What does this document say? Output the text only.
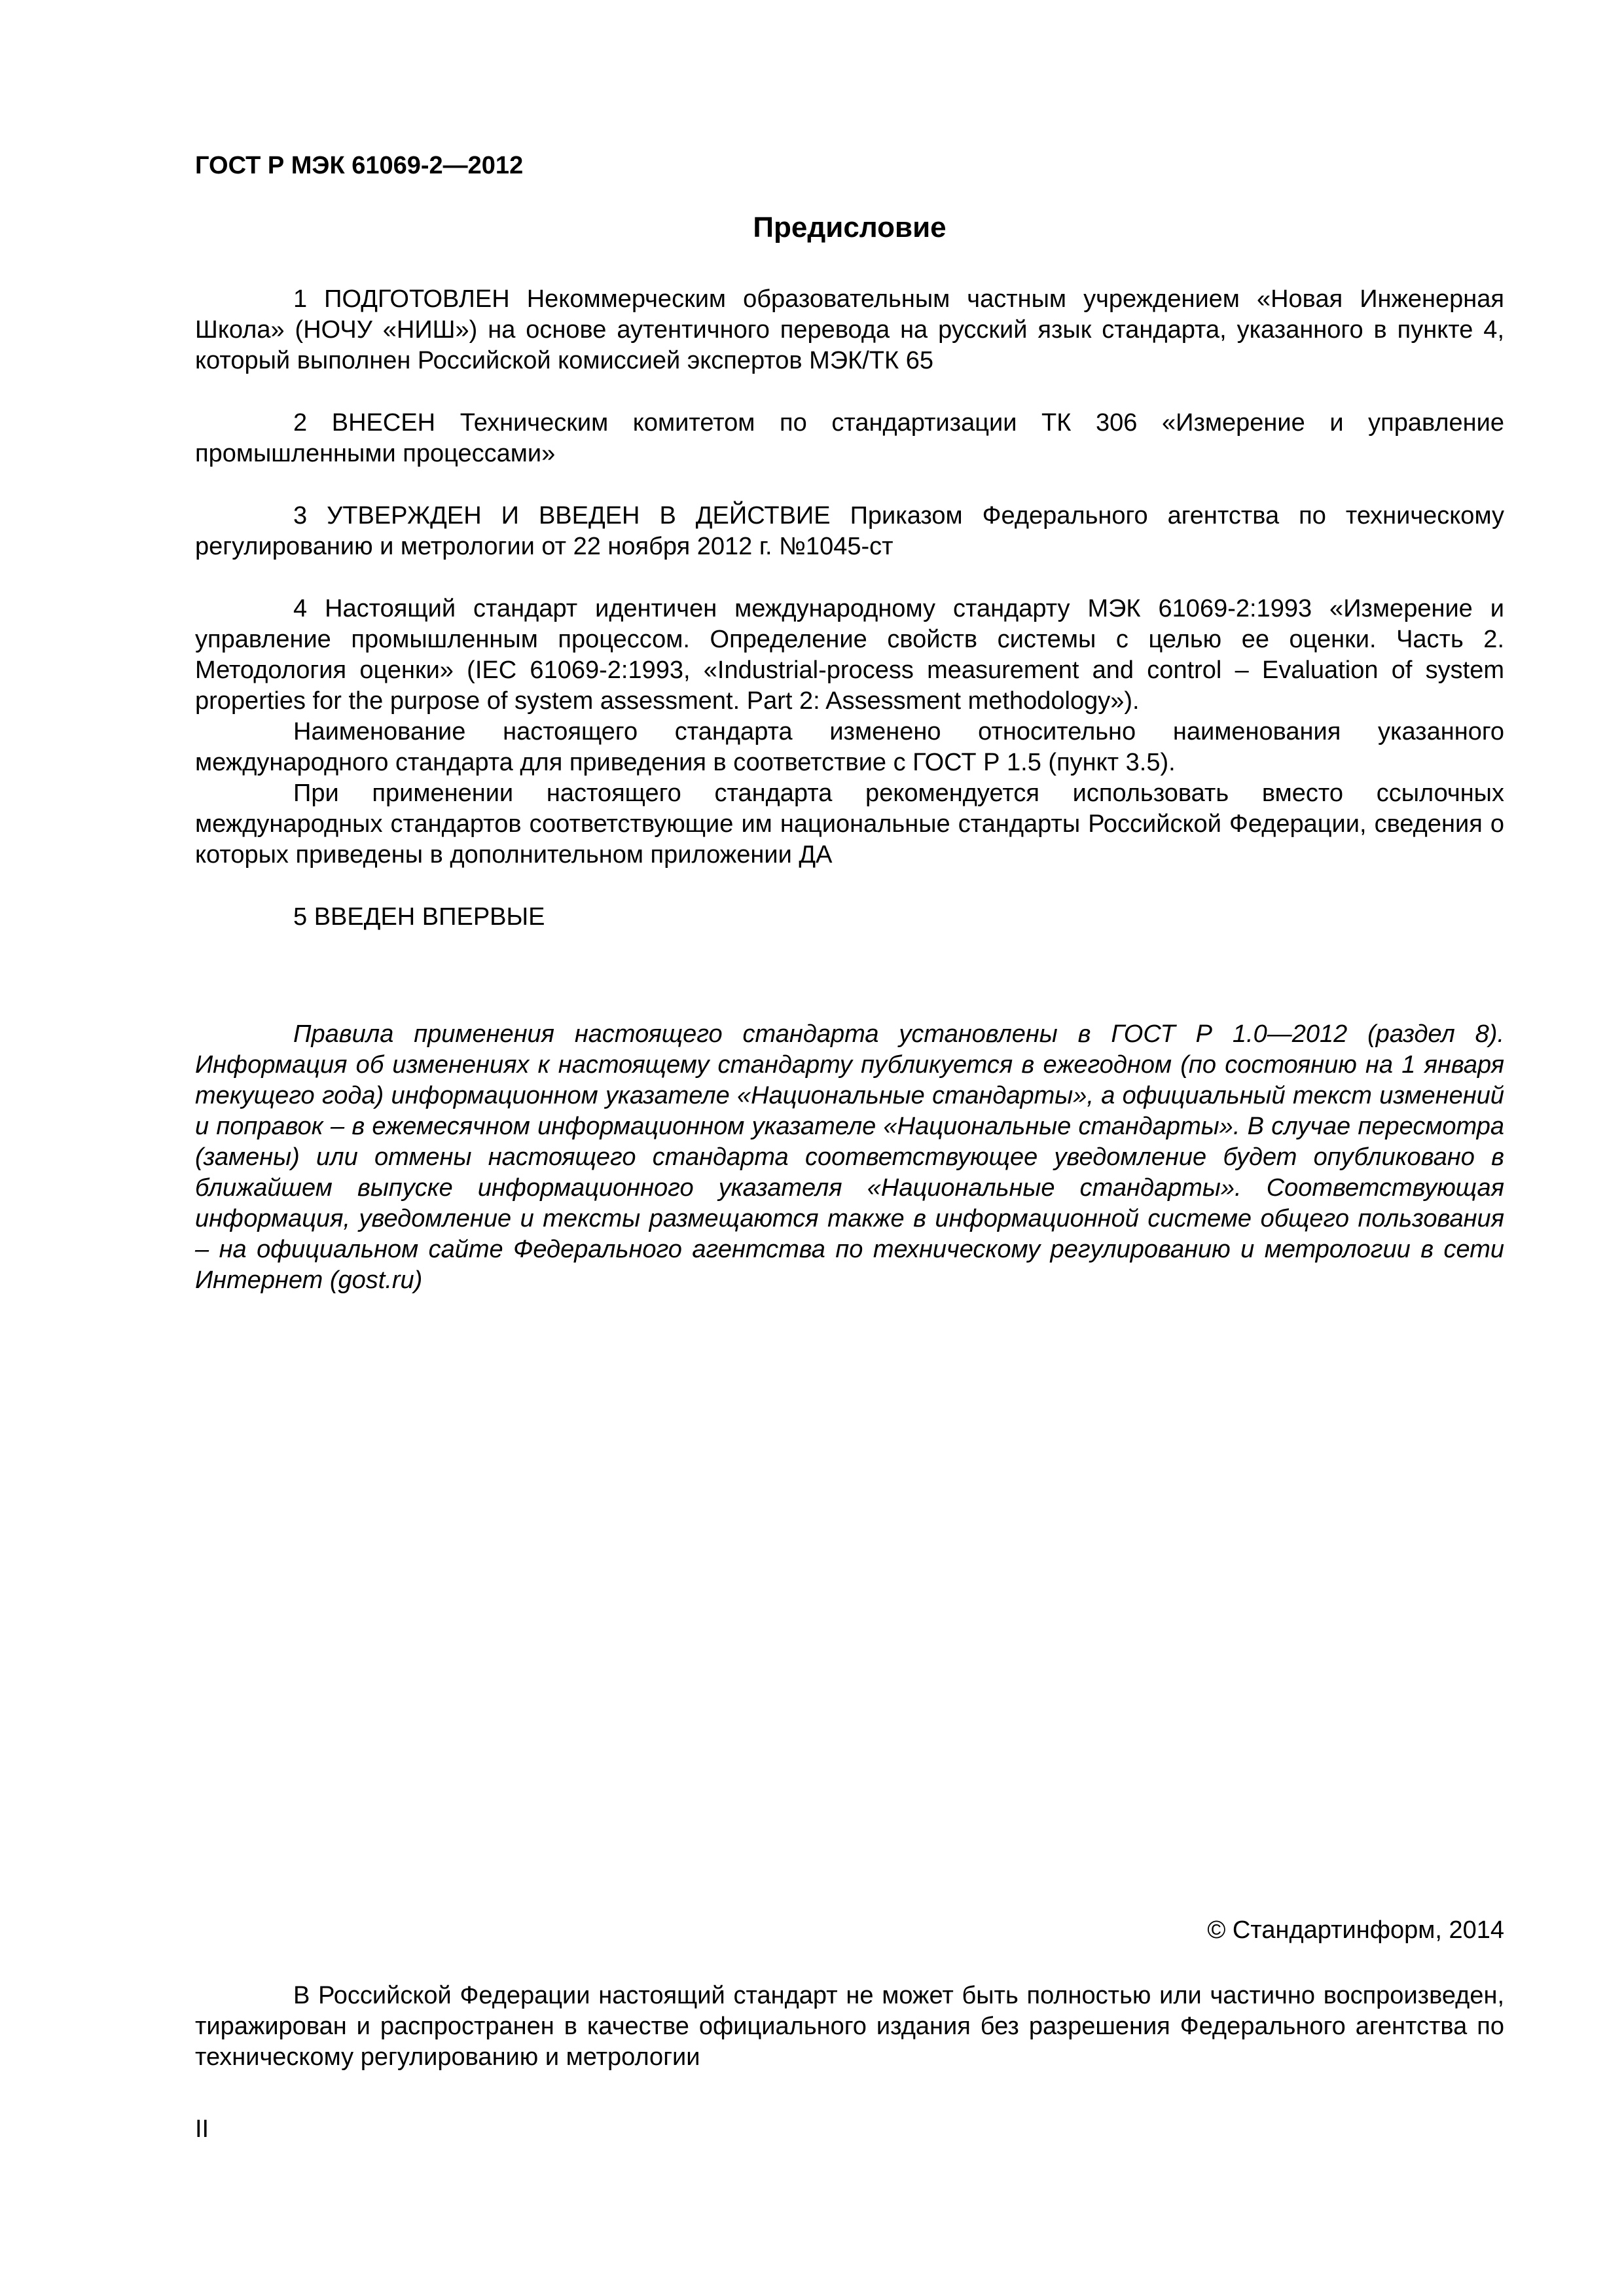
ГОСТ Р МЭК 61069-2—2012
Предисловие

1 ПОДГОТОВЛЕН Некоммерческим образовательным частным учреждением «Новая Инженерная Школа» (НОЧУ «НИШ») на основе аутентичного перевода на русский язык стандарта, указанного в пункте 4, который выполнен Российской комиссией экспертов МЭК/ТК 65

2 ВНЕСЕН Техническим комитетом по стандартизации ТК 306 «Измерение и управление промышленными процессами»

3 УТВЕРЖДЕН И ВВЕДЕН В ДЕЙСТВИЕ Приказом Федерального агентства по техническому регулированию и метрологии от 22 ноября 2012 г. №1045-ст

4 Настоящий стандарт идентичен международному стандарту МЭК 61069-2:1993 «Измерение и управление промышленным процессом. Определение свойств системы с целью ее оценки. Часть 2. Методология оценки» (IEC 61069-2:1993, «Industrial-process measurement and control – Evaluation of system properties for the purpose of system assessment. Part 2: Assessment methodology»).

Наименование настоящего стандарта изменено относительно наименования указанного международного стандарта для приведения в соответствие с ГОСТ Р 1.5 (пункт 3.5).

При применении настоящего стандарта рекомендуется использовать вместо ссылочных международных стандартов соответствующие им национальные стандарты Российской Федерации, сведения о которых приведены в дополнительном приложении ДА

5 ВВЕДЕН ВПЕРВЫЕ

Правила применения настоящего стандарта установлены в ГОСТ Р 1.0—2012 (раздел 8). Информация об изменениях к настоящему стандарту публикуется в ежегодном (по состоянию на 1 января текущего года) информационном указателе «Национальные стандарты», а официальный текст изменений и поправок – в ежемесячном информационном указателе «Национальные стандарты». В случае пересмотра (замены) или отмены настоящего стандарта соответствующее уведомление будет опубликовано в ближайшем выпуске информационного указателя «Национальные стандарты». Соответствующая информация, уведомление и тексты размещаются также в информационной системе общего пользования – на официальном сайте Федерального агентства по техническому регулированию и метрологии в сети Интернет (gost.ru)

© Стандартинформ, 2014

В Российской Федерации настоящий стандарт не может быть полностью или частично воспроизведен, тиражирован и распространен в качестве официального издания без разрешения Федерального агентства по техническому регулированию и метрологии

II
